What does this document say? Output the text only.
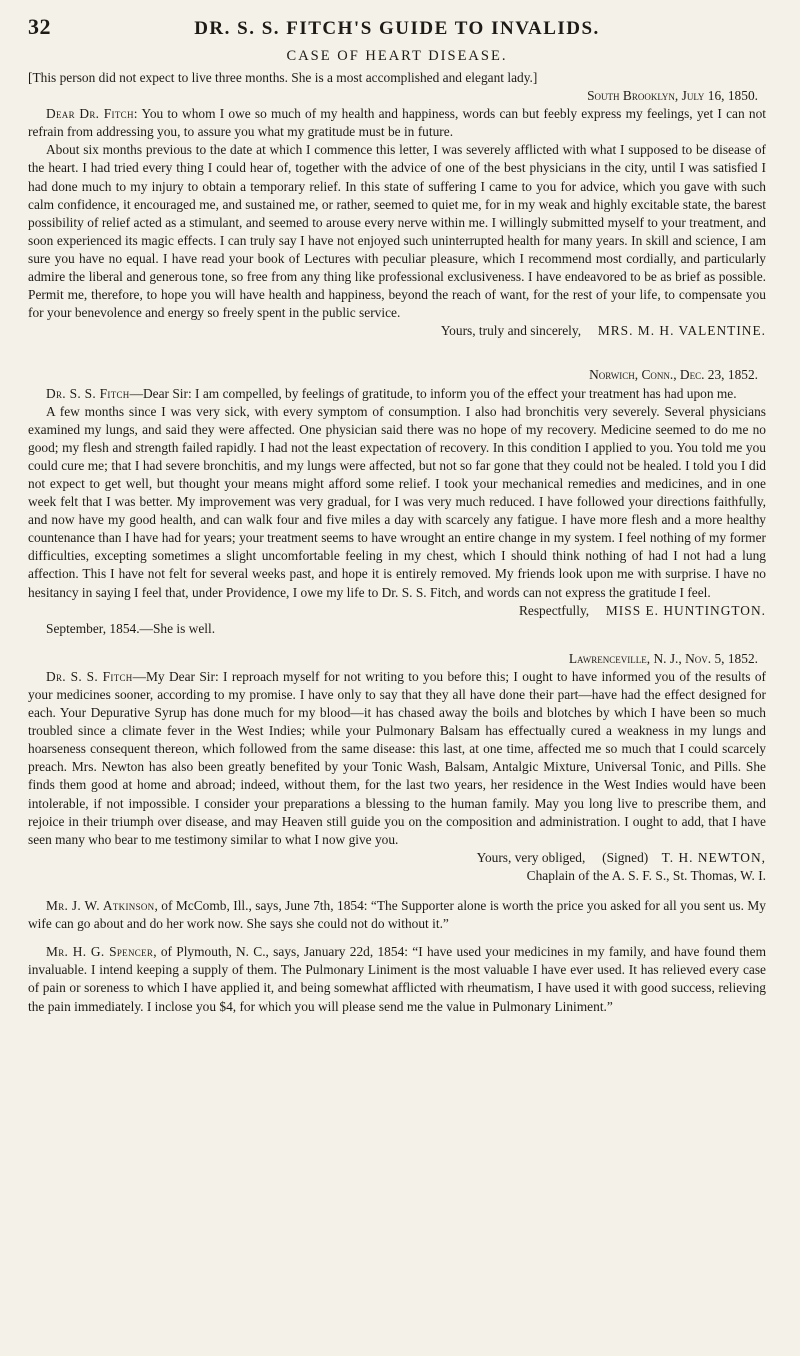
32	DR. S. S. FITCH'S GUIDE TO INVALIDS.
CASE OF HEART DISEASE.

[This person did not expect to live three months. She is a most accomplished and elegant lady.]

South Brooklyn, July 16, 1850.

Dear Dr. Fitch: You to whom I owe so much of my health and happiness, words can but feebly express my feelings, yet I can not refrain from addressing you, to assure you what my gratitude must be in future.

About six months previous to the date at which I commence this letter, I was severely afflicted with what I supposed to be disease of the heart. I had tried every thing I could hear of, together with the advice of one of the best physicians in the city, until I was satisfied I had done much to my injury to obtain a temporary relief. In this state of suffering I came to you for advice, which you gave with such calm confidence, it encouraged me, and sustained me, or rather, seemed to quiet me, for in my weak and highly excitable state, the barest possibility of relief acted as a stimulant, and seemed to arouse every nerve within me. I willingly submitted myself to your treatment, and soon experienced its magic effects. I can truly say I have not enjoyed such uninterrupted health for many years. In skill and science, I am sure you have no equal. I have read your book of Lectures with peculiar pleasure, which I recommend most cordially, and particularly admire the liberal and generous tone, so free from any thing like professional exclusiveness. I have endeavored to be as brief as possible. Permit me, therefore, to hope you will have health and happiness, beyond the reach of want, for the rest of your life, to compensate you for your benevolence and energy so freely spent in the public service.

Yours, truly and sincerely, MRS. M. H. VALENTINE.
Norwich, Conn., Dec. 23, 1852.

Dr. S. S. Fitch—Dear Sir: I am compelled, by feelings of gratitude, to inform you of the effect your treatment has had upon me.

A few months since I was very sick, with every symptom of consumption. I also had bronchitis very severely. Several physicians examined my lungs, and said they were affected. One physician said there was no hope of my recovery. Medicine seemed to do me no good; my flesh and strength failed rapidly. I had not the least expectation of recovery. In this condition I applied to you. You told me you could cure me; that I had severe bronchitis, and my lungs were affected, but not so far gone that they could not be healed. I told you I did not expect to get well, but thought your means might afford some relief. I took your mechanical remedies and medicines, and in one week felt that I was better. My improvement was very gradual, for I was very much reduced. I have followed your directions faithfully, and now have my good health, and can walk four and five miles a day with scarcely any fatigue. I have more flesh and a more healthy countenance than I have had for years; your treatment seems to have wrought an entire change in my system. I feel nothing of my former difficulties, excepting sometimes a slight uncomfortable feeling in my chest, which I should think nothing of had I not had a lung affection. This I have not felt for several weeks past, and hope it is entirely removed. My friends look upon me with surprise. I have no hesitancy in saying I feel that, under Providence, I owe my life to Dr. S. S. Fitch, and words can not express the gratitude I feel.

Respectfully, MISS E. HUNTINGTON.

September, 1854.—She is well.

Lawrenceville, N. J., Nov. 5, 1852.

Dr. S. S. Fitch—My Dear Sir: I reproach myself for not writing to you before this; I ought to have informed you of the results of your medicines sooner, according to my promise. I have only to say that they all have done their part—have had the effect designed for each. Your Depurative Syrup has done much for my blood—it has chased away the boils and blotches by which I have been so much troubled since a climate fever in the West Indies; while your Pulmonary Balsam has effectually cured a weakness in my lungs and hoarseness consequent thereon, which followed from the same disease: this last, at one time, affected me so much that I could scarcely preach. Mrs. Newton has also been greatly benefited by your Tonic Wash, Balsam, Antalgic Mixture, Universal Tonic, and Pills. She finds them good at home and abroad; indeed, without them, for the last two years, her residence in the West Indies would have been intolerable, if not impossible. I consider your preparations a blessing to the human family. May you long live to prescribe them, and rejoice in their triumph over disease, and may Heaven still guide you on the composition and administration. I ought to add, that I have seen many who bear to me testimony similar to what I now give you.

Yours, very obliged, (Signed) T. H. NEWTON,
Chaplain of the A. S. F. S., St. Thomas, W. I.

Mr. J. W. Atkinson, of McComb, Ill., says, June 7th, 1854: “The Supporter alone is worth the price you asked for all you sent us. My wife can go about and do her work now. She says she could not do without it.”

Mr. H. G. Spencer, of Plymouth, N. C., says, January 22d, 1854: “I have used your medicines in my family, and have found them invaluable. I intend keeping a supply of them. The Pulmonary Liniment is the most valuable I have ever used. It has relieved every case of pain or soreness to which I have applied it, and being somewhat afflicted with rheumatism, I have used it with good success, relieving the pain immediately. I inclose you $4, for which you will please send me the value in Pulmonary Liniment.”
